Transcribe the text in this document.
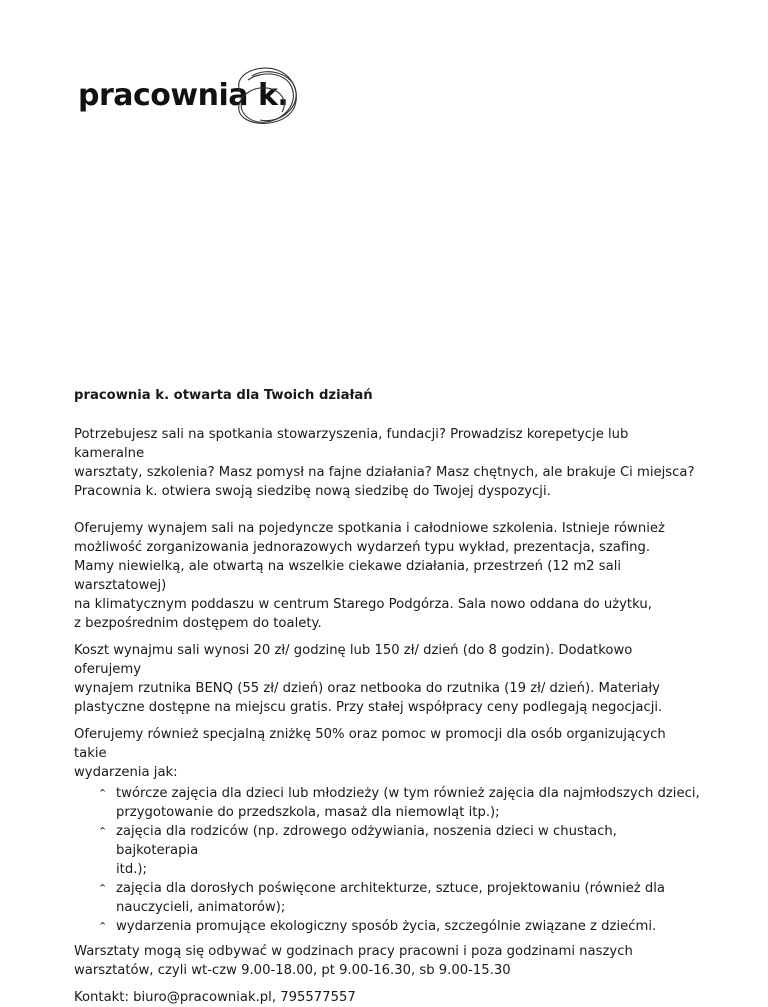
pracownia k.

pracownia k. otwarta dla Twoich działań

Potrzebujesz sali na spotkania stowarzyszenia, fundacji? Prowadzisz korepetycje lub kameralne
warsztaty, szkolenia? Masz pomysł na fajne działania? Masz chętnych, ale brakuje Ci miejsca?
Pracownia k. otwiera swoją siedzibę nową siedzibę do Twojej dyspozycji.

Oferujemy wynajem sali na pojedyncze spotkania i całodniowe szkolenia. Istnieje również
możliwość zorganizowania jednorazowych wydarzeń typu wykład, prezentacja, szafing.
Mamy niewielką, ale otwartą na wszelkie ciekawe działania, przestrzeń (12 m2 sali warsztatowej)
na klimatycznym poddaszu w centrum Starego Podgórza. Sala nowo oddana do użytku,
z bezpośrednim dostępem do toalety.

Koszt wynajmu sali wynosi 20 zł/ godzinę lub 150 zł/ dzień (do 8 godzin). Dodatkowo oferujemy
wynajem rzutnika BENQ (55 zł/ dzień) oraz netbooka do rzutnika (19 zł/ dzień). Materiały
plastyczne dostępne na miejscu gratis. Przy stałej współpracy ceny podlegają negocjacji.

Oferujemy również specjalną zniżkę 50% oraz pomoc w promocji dla osób organizujących takie
wydarzenia jak:

⌃ twórcze zajęcia dla dzieci lub młodzieży (w tym również zajęcia dla najmłodszych dzieci,
przygotowanie do przedszkola, masaż dla niemowląt itp.);
⌃ zajęcia dla rodziców (np. zdrowego odżywiania, noszenia dzieci w chustach, bajkoterapia
itd.);
⌃ zajęcia dla dorosłych poświęcone architekturze, sztuce, projektowaniu (również dla
nauczycieli, animatorów);
⌃ wydarzenia promujące ekologiczny sposób życia, szczególnie związane z dziećmi.

Warsztaty mogą się odbywać w godzinach pracy pracowni i poza godzinami naszych
warsztatów, czyli wt-czw 9.00-18.00, pt 9.00-16.30, sb 9.00-15.30

Kontakt: biuro@pracowniak.pl, 795577557
